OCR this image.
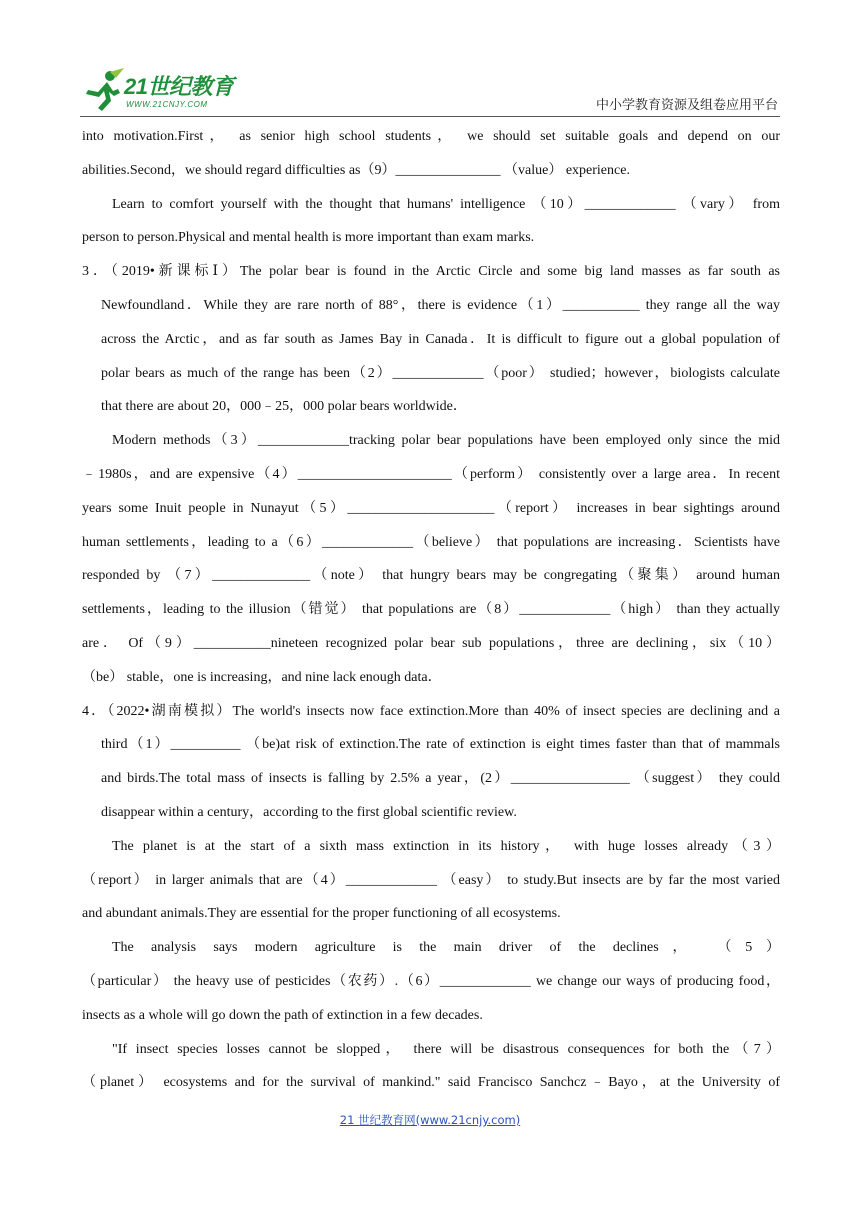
21世纪教育
WWW.21CNJY.COM	中小学教育资源及组卷应用平台
into motivation.First， as senior high school students， we should set suitable goals and depend on our
abilities.Second，we should regard difficulties as（9）_______________ （value） experience.
Learn to comfort yourself with the thought that humans' intelligence （10）_____________ （vary） from
person to person.Physical and mental health is more important than exam marks.
3．（2019•新课标Ⅰ）The polar bear is found in the Arctic Circle and some big land masses as far south as
Newfoundland．While they are rare north of 88°，there is evidence（1）___________ they range all the way
across the Arctic，and as far south as James Bay in Canada．It is difficult to figure out a global population of
polar bears as much of the range has been（2）_____________（poor） studied；however，biologists calculate
that there are about 20，000﹣25，000 polar bears worldwide．
Modern methods（3）_____________tracking polar bear populations have been employed only since the mid
﹣1980s，and are expensive（4）______________________（perform） consistently over a large area．In recent
years some Inuit people in Nunayut（5）_____________________（report） increases in bear sightings around
human settlements，leading to a（6）_____________（believe） that populations are increasing．Scientists have
responded by （7）______________（note） that hungry bears may be congregating（聚集） around human
settlements，leading to the illusion（错觉） that populations are（8）_____________（high） than they actually
are． Of（9）___________nineteen recognized polar bear sub populations，three are declining，six（10）
（be） stable，one is increasing，and nine lack enough data．
4．（2022•湖南模拟）The world's insects now face extinction.More than 40% of insect species are declining and a
third（1）__________ （be)at risk of extinction.The rate of extinction is eight times faster than that of mammals
and birds.The total mass of insects is falling by 2.5% a year，(2）_________________ （suggest） they could
disappear within a century，according to the first global scientific review.
The planet is at the start of a sixth mass extinction in its history， with huge losses already（3）
（report） in larger animals that are（4）_____________ （easy） to study.But insects are by far the most varied
and abundant animals.They are essential for the proper functioning of all ecosystems.
The analysis says modern agriculture is the main driver of the declines， （5）
（particular） the heavy use of pesticides（农药）.（6）_____________ we change our ways of producing food，
insects as a whole will go down the path of extinction in a few decades.
"If insect species losses cannot be slopped， there will be disastrous consequences for both the（7）
（planet） ecosystems and for the survival of mankind." said Francisco Sanchcz﹣Bayo，at the University of
21 世纪教育网(www.21cnjy.com)
